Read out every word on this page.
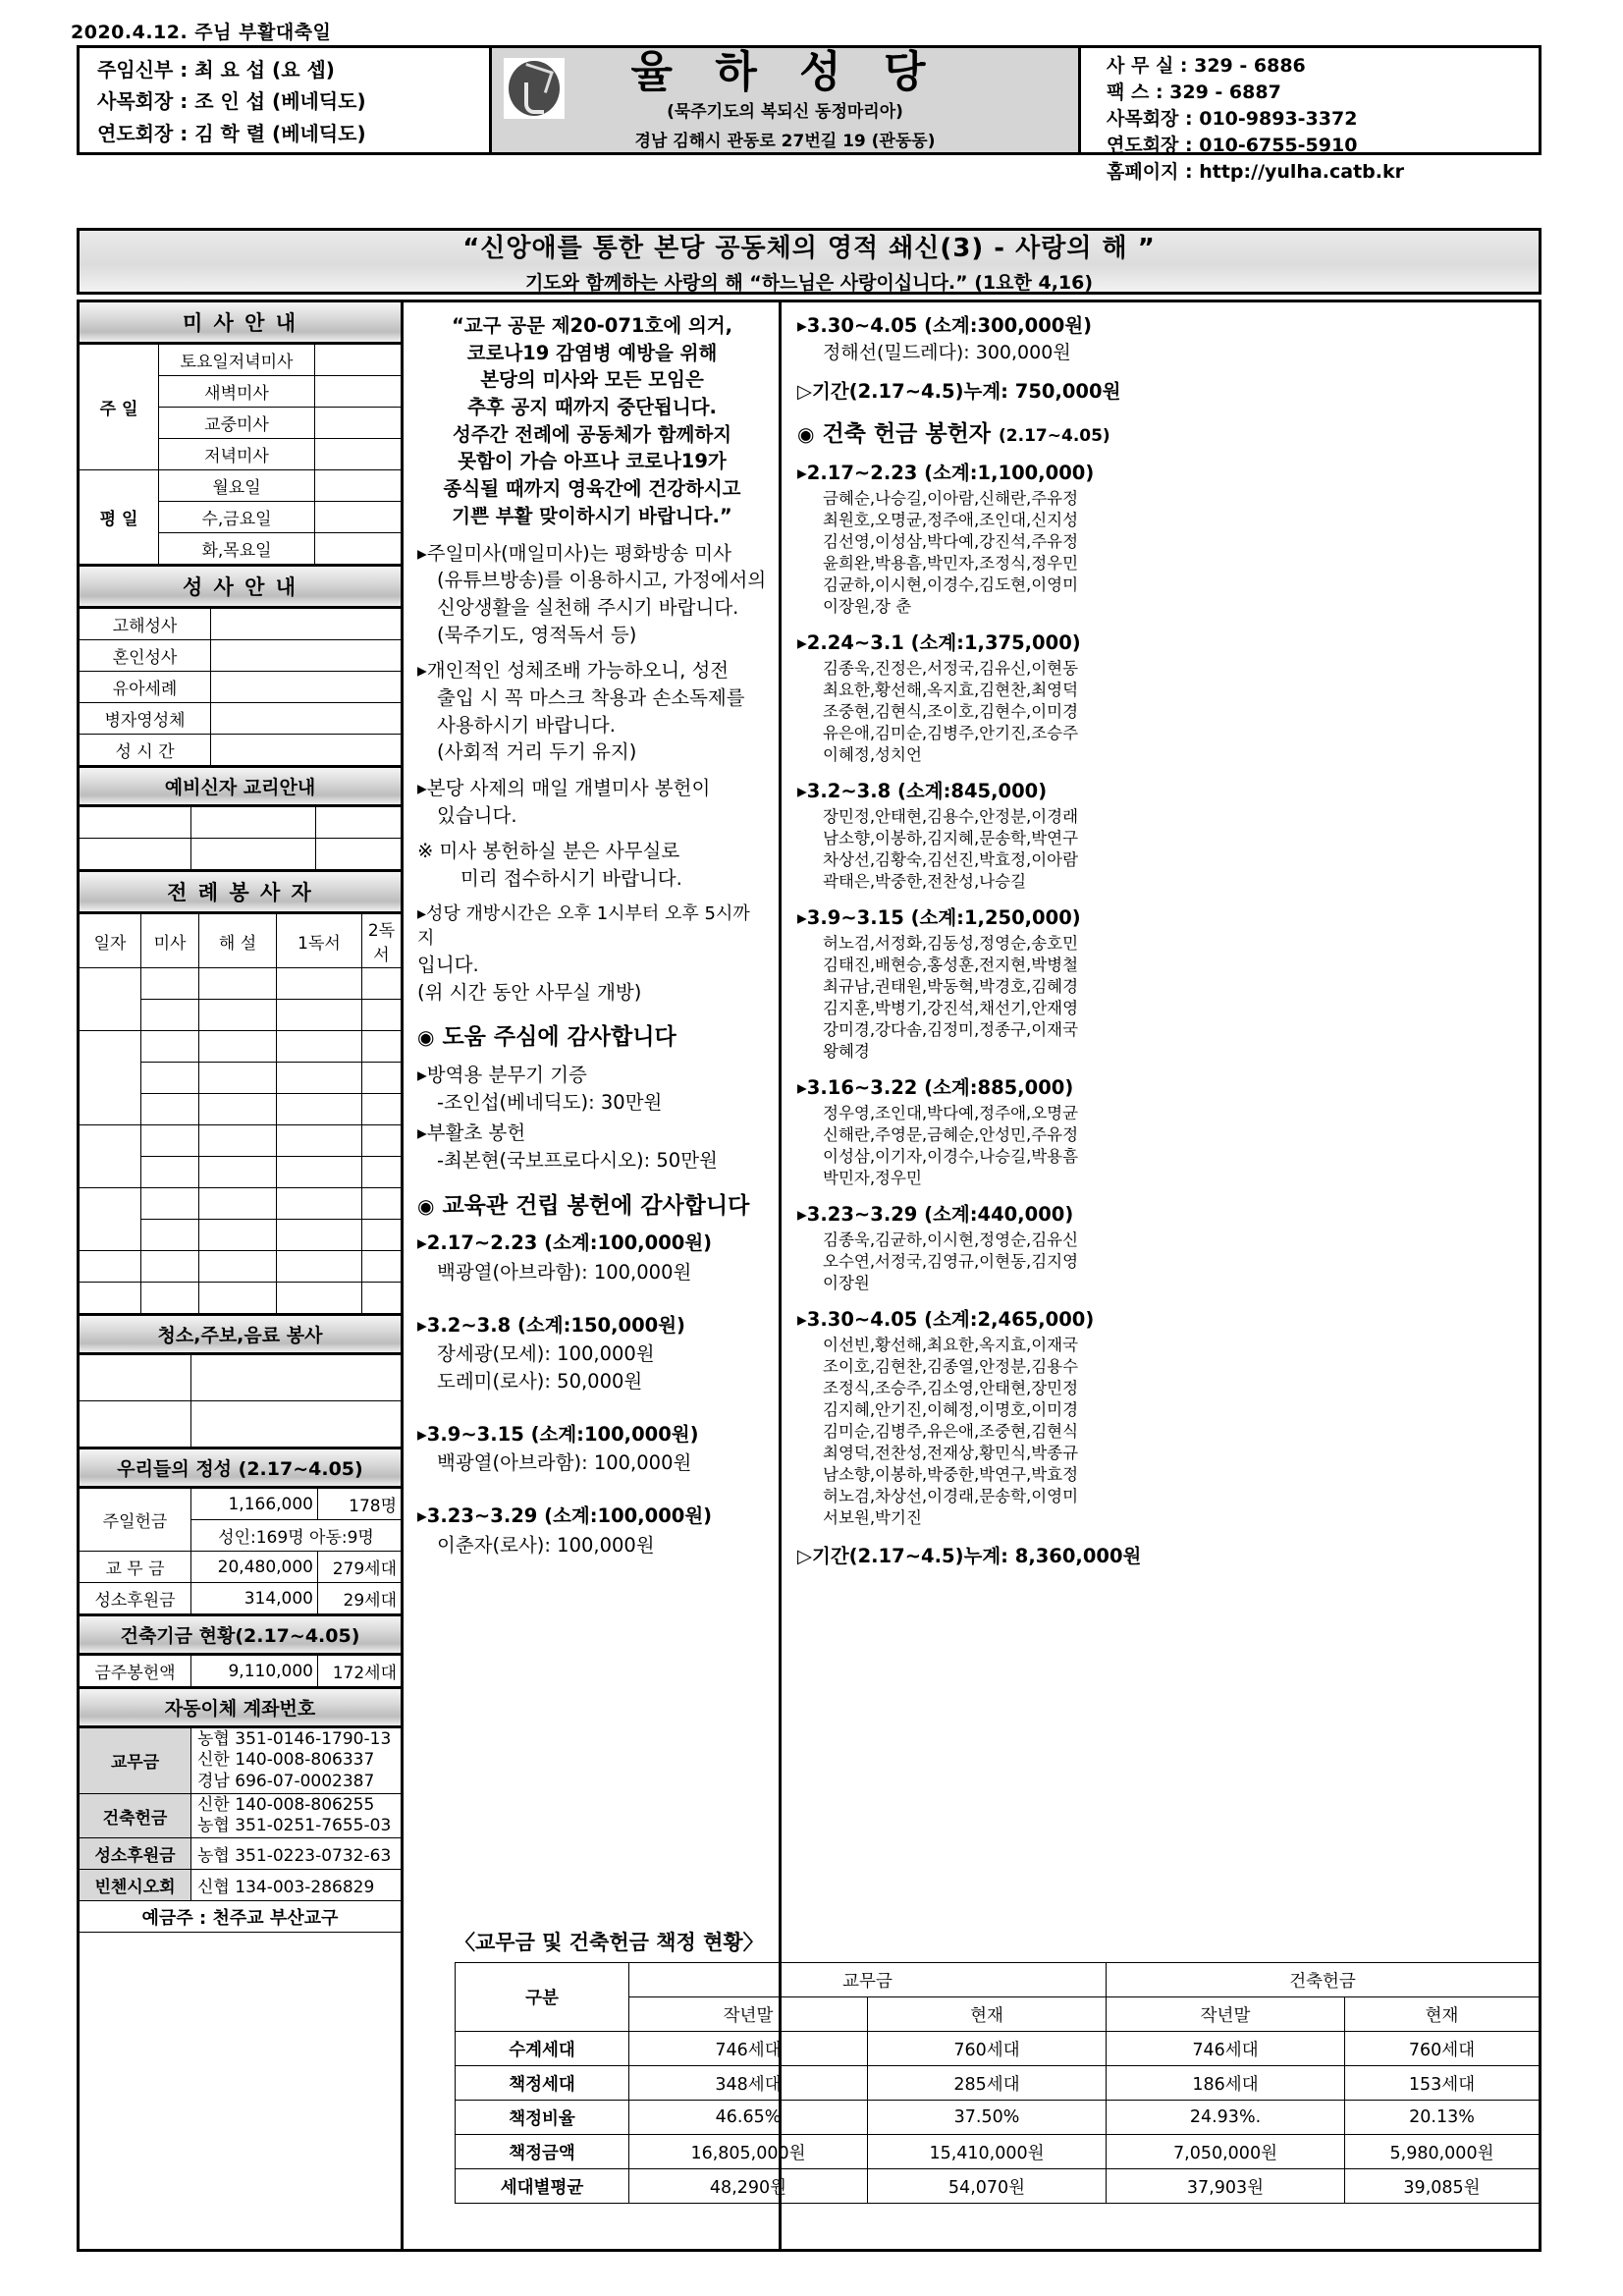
2020.4.12. 주님 부활대축일
주임신부 : 최 요 섭 (요 셉)
사목회장 : 조 인 섭 (베네딕도)
연도회장 : 김 학 렬 (베네딕도)
율 하 성 당
(묵주기도의 복되신 동정마리아)
경남 김해시 관동로 27번길 19 (관동동)
사 무 실 : 329 - 6886
팩 스 : 329 - 6887
사목회장 : 010-9893-3372
연도회장 : 010-6755-5910
홈페이지 : http://yulha.catb.kr
“신앙애를 통한 본당 공동체의 영적 쇄신(3) - 사랑의 해 ”
기도와 함께하는 사랑의 해 “하느님은 사랑이십니다.” (1요한 4,16)
미 사 안 내
주 일	토요일저녁미사	
	새벽미사	
	교중미사	
	저녁미사	
평 일	월요일	
	수,금요일	
	화,목요일	
성 사 안 내
고해성사	
혼인성사	
유아세례	
병자영성체	
성 시 간	
예비신자 교리안내

전 례 봉 사 자
일자	미사	해 설	1독서	2독서

청소,주보,음료 봉사

우리들의 정성 (2.17~4.05)
주일헌금	1,166,000	178명
	성인:169명 아동:9명	
교 무 금	20,480,000	279세대
성소후원금	314,000	29세대
건축기금 현황(2.17~4.05)
금주봉헌액	9,110,000	172세대
자동이체 계좌번호
교무금	농협 351-0146-1790-13
신한 140-008-806337
경남 696-07-0002387

건축헌금	신한 140-008-806255
농협 351-0251-7655-03

성소후원금	농협 351-0223-0732-63
빈첸시오회	신협 134-003-286829
예금주 : 천주교 부산교구	
“교구 공문 제20-071호에 의거,
코로나19 감염병 예방을 위해
본당의 미사와 모든 모임은
추후 공지 때까지 중단됩니다.
성주간 전례에 공동체가 함께하지
못함이 가슴 아프나 코로나19가
종식될 때까지 영육간에 건강하시고
기쁜 부활 맞이하시기 바랍니다.”
▸주일미사(매일미사)는 평화방송 미사
(유튜브방송)를 이용하시고, 가정에서의
신앙생활을 실천해 주시기 바랍니다.
(묵주기도, 영적독서 등)
▸개인적인 성체조배 가능하오니, 성전
출입 시 꼭 마스크 착용과 손소독제를
사용하시기 바랍니다.
(사회적 거리 두기 유지)
▸본당 사제의 매일 개별미사 봉헌이
있습니다.
※ 미사 봉헌하실 분은 사무실로
미리 접수하시기 바랍니다.
▸성당 개방시간은 오후 1시부터 오후 5시까지
입니다.
(위 시간 동안 사무실 개방)
◉ 도움 주심에 감사합니다
▸방역용 분무기 기증
-조인섭(베네딕도): 30만원
▸부활초 봉헌
-최본현(국보프로다시오): 50만원
◉ 교육관 건립 봉헌에 감사합니다
▸2.17~2.23 (소계:100,000원)
백광열(아브라함): 100,000원
▸3.2~3.8 (소계:150,000원)
장세광(모세): 100,000원
도레미(로사): 50,000원
▸3.9~3.15 (소계:100,000원)
백광열(아브라함): 100,000원
▸3.23~3.29 (소계:100,000원)
이춘자(로사): 100,000원
▸3.30~4.05 (소계:300,000원)
정해선(밀드레다): 300,000원
▷기간(2.17~4.5)누계: 750,000원
◉ 건축 헌금 봉헌자 (2.17~4.05)
▸2.17~2.23 (소계:1,100,000)
금혜순,나승길,이아람,신해란,주유정
최원호,오명균,정주애,조인대,신지성
김선영,이성삼,박다예,강진석,주유정
윤희완,박용흠,박민자,조정식,정우민
김균하,이시현,이경수,김도현,이영미
이장원,장 춘
▸2.24~3.1 (소계:1,375,000)
김종욱,진정은,서정국,김유신,이현동
최요한,황선해,옥지효,김현찬,최영덕
조중현,김현식,조이호,김현수,이미경
유은애,김미순,김병주,안기진,조승주
이혜정,성치언
▸3.2~3.8 (소계:845,000)
장민정,안태현,김용수,안정분,이경래
남소향,이봉하,김지혜,문송학,박연구
차상선,김황숙,김선진,박효정,이아람
곽태은,박중한,전찬성,나승길
▸3.9~3.15 (소계:1,250,000)
허노검,서정화,김동성,정영순,송호민
김태진,배현승,홍성훈,전지현,박병철
최규남,권태원,박동혁,박경호,김혜경
김지훈,박병기,강진석,채선기,안재영
강미경,강다솜,김정미,정종구,이재국
왕혜경
▸3.16~3.22 (소계:885,000)
정우영,조인대,박다예,정주애,오명균
신해란,주영문,금혜순,안성민,주유정
이성삼,이기자,이경수,나승길,박용흠
박민자,정우민
▸3.23~3.29 (소계:440,000)
김종욱,김균하,이시현,정영순,김유신
오수연,서정국,김영규,이현동,김지영
이장원
▸3.30~4.05 (소계:2,465,000)
이선빈,황선해,최요한,옥지효,이재국
조이호,김현찬,김종열,안정분,김용수
조정식,조승주,김소영,안태현,장민정
김지혜,안기진,이혜정,이명호,이미경
김미순,김병주,유은애,조중현,김현식
최영덕,전찬성,전재상,황민식,박종규
남소향,이봉하,박중한,박연구,박효정
허노검,차상선,이경래,문송학,이영미
서보원,박기진
▷기간(2.17~4.5)누계: 8,360,000원
〈교무금 및 건축헌금 책정 현황〉
구분	교무금		건축헌금	
	작년말	현재	작년말	현재
수계세대	746세대	760세대	746세대	760세대
책정세대	348세대	285세대	186세대	153세대
책정비율	46.65%	37.50%	24.93%.	20.13%
책정금액	16,805,000원	15,410,000원	7,050,000원	5,980,000원
세대별평균	48,290원	54,070원	37,903원	39,085원
